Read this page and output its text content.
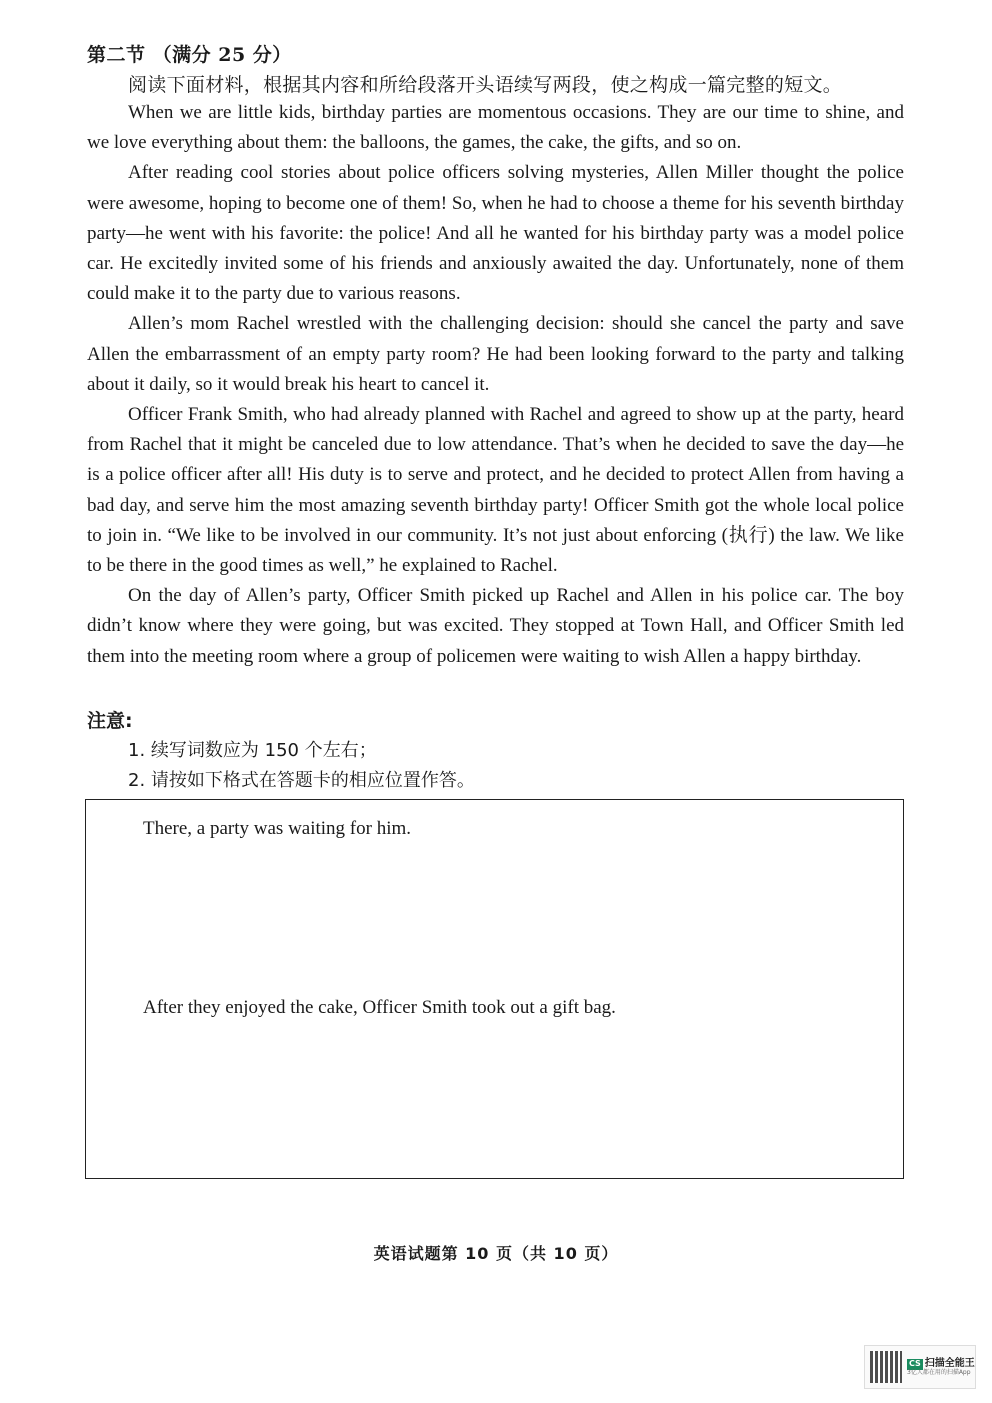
第二节 （满分 25 分）
阅读下面材料，根据其内容和所给段落开头语续写两段，使之构成一篇完整的短文。

When we are little kids, birthday parties are momentous occasions. They are our time to shine, and we love everything about them: the balloons, the games, the cake, the gifts, and so on.

After reading cool stories about police officers solving mysteries, Allen Miller thought the police were awesome, hoping to become one of them! So, when he had to choose a theme for his seventh birthday party—he went with his favorite: the police! And all he wanted for his birthday party was a model police car. He excitedly invited some of his friends and anxiously awaited the day. Unfortunately, none of them could make it to the party due to various reasons.

Allen’s mom Rachel wrestled with the challenging decision: should she cancel the party and save Allen the embarrassment of an empty party room? He had been looking forward to the party and talking about it daily, so it would break his heart to cancel it.

Officer Frank Smith, who had already planned with Rachel and agreed to show up at the party, heard from Rachel that it might be canceled due to low attendance. That’s when he decided to save the day—he is a police officer after all! His duty is to serve and protect, and he decided to protect Allen from having a bad day, and serve him the most amazing seventh birthday party! Officer Smith got the whole local police to join in. “We like to be involved in our community. It’s not just about enforcing (执行) the law. We like to be there in the good times as well,” he explained to Rachel.

On the day of Allen’s party, Officer Smith picked up Rachel and Allen in his police car. The boy didn’t know where they were going, but was excited. They stopped at Town Hall, and Officer Smith led them into the meeting room where a group of policemen were waiting to wish Allen a happy birthday.

注意:
1. 续写词数应为 150 个左右；
2. 请按如下格式在答题卡的相应位置作答。
There, a party was waiting for him.
After they enjoyed the cake, Officer Smith took out a gift bag.
英语试题第 10 页（共 10 页）
CS 扫描全能王
3亿人都在用的扫描App
